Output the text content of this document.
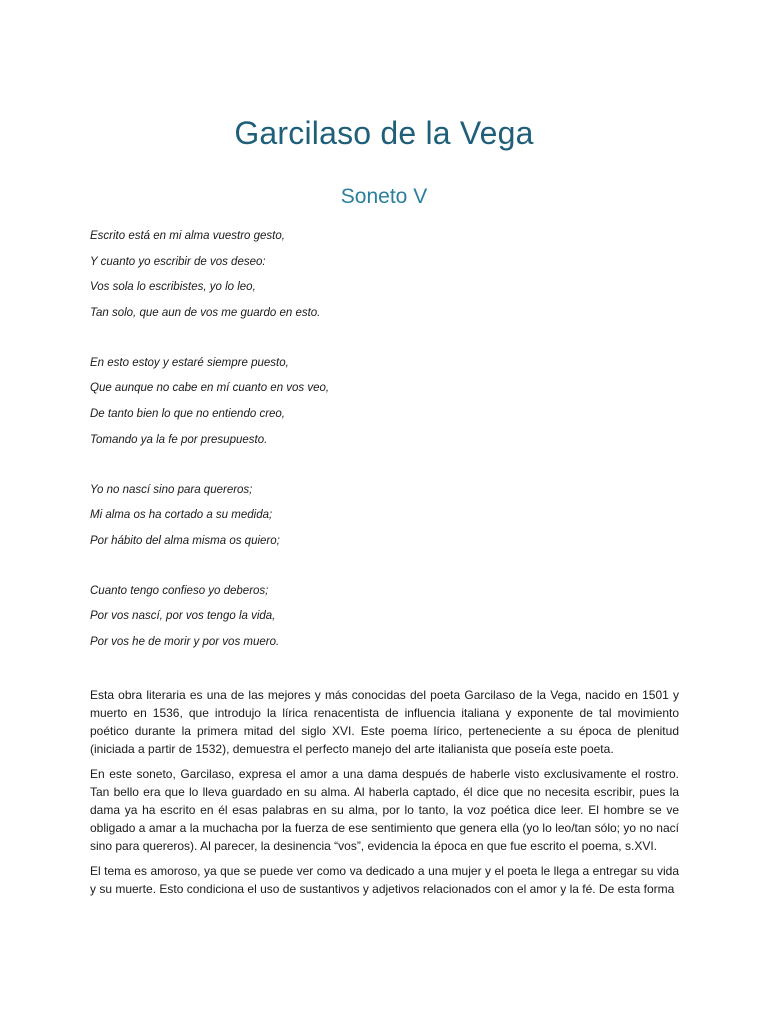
Garcilaso de la Vega
Soneto V
Escrito está en mi alma vuestro gesto,
Y cuanto yo escribir de vos deseo:
Vos sola lo escribistes, yo lo leo,
Tan solo, que aun de vos me guardo en esto.
En esto estoy y estaré siempre puesto,
Que aunque no cabe en mí cuanto en vos veo,
De tanto bien lo que no entiendo creo,
Tomando ya la fe por presupuesto.
Yo no nascí sino para quereros;
Mi alma os ha cortado a su medida;
Por hábito del alma misma os quiero;
Cuanto tengo confieso yo deberos;
Por vos nascí, por vos tengo la vida,
Por vos he de morir y por vos muero.

Esta obra literaria es una de las mejores y más conocidas del poeta Garcilaso de la Vega, nacido en 1501 y muerto en 1536, que introdujo la lírica renacentista de influencia italiana y exponente de tal movimiento poético durante la primera mitad del siglo XVI. Este poema lírico, perteneciente a su época de plenitud (iniciada a partir de 1532), demuestra el perfecto manejo del arte italianista que poseía este poeta.

En este soneto, Garcilaso, expresa el amor a una dama después de haberle visto exclusivamente el rostro. Tan bello era que lo lleva guardado en su alma. Al haberla captado, él dice que no necesita escribir, pues la dama ya ha escrito en él esas palabras en su alma, por lo tanto, la voz poética dice leer. El hombre se ve obligado a amar a la muchacha por la fuerza de ese sentimiento que genera ella (yo lo leo/tan sólo; yo no nací sino para quereros). Al parecer, la desinencia “vos”, evidencia la época en que fue escrito el poema, s.XVI.

El tema es amoroso, ya que se puede ver como va dedicado a una mujer y el poeta le llega a entregar su vida y su muerte. Esto condiciona el uso de sustantivos y adjetivos relacionados con el amor y la fé. De esta forma
